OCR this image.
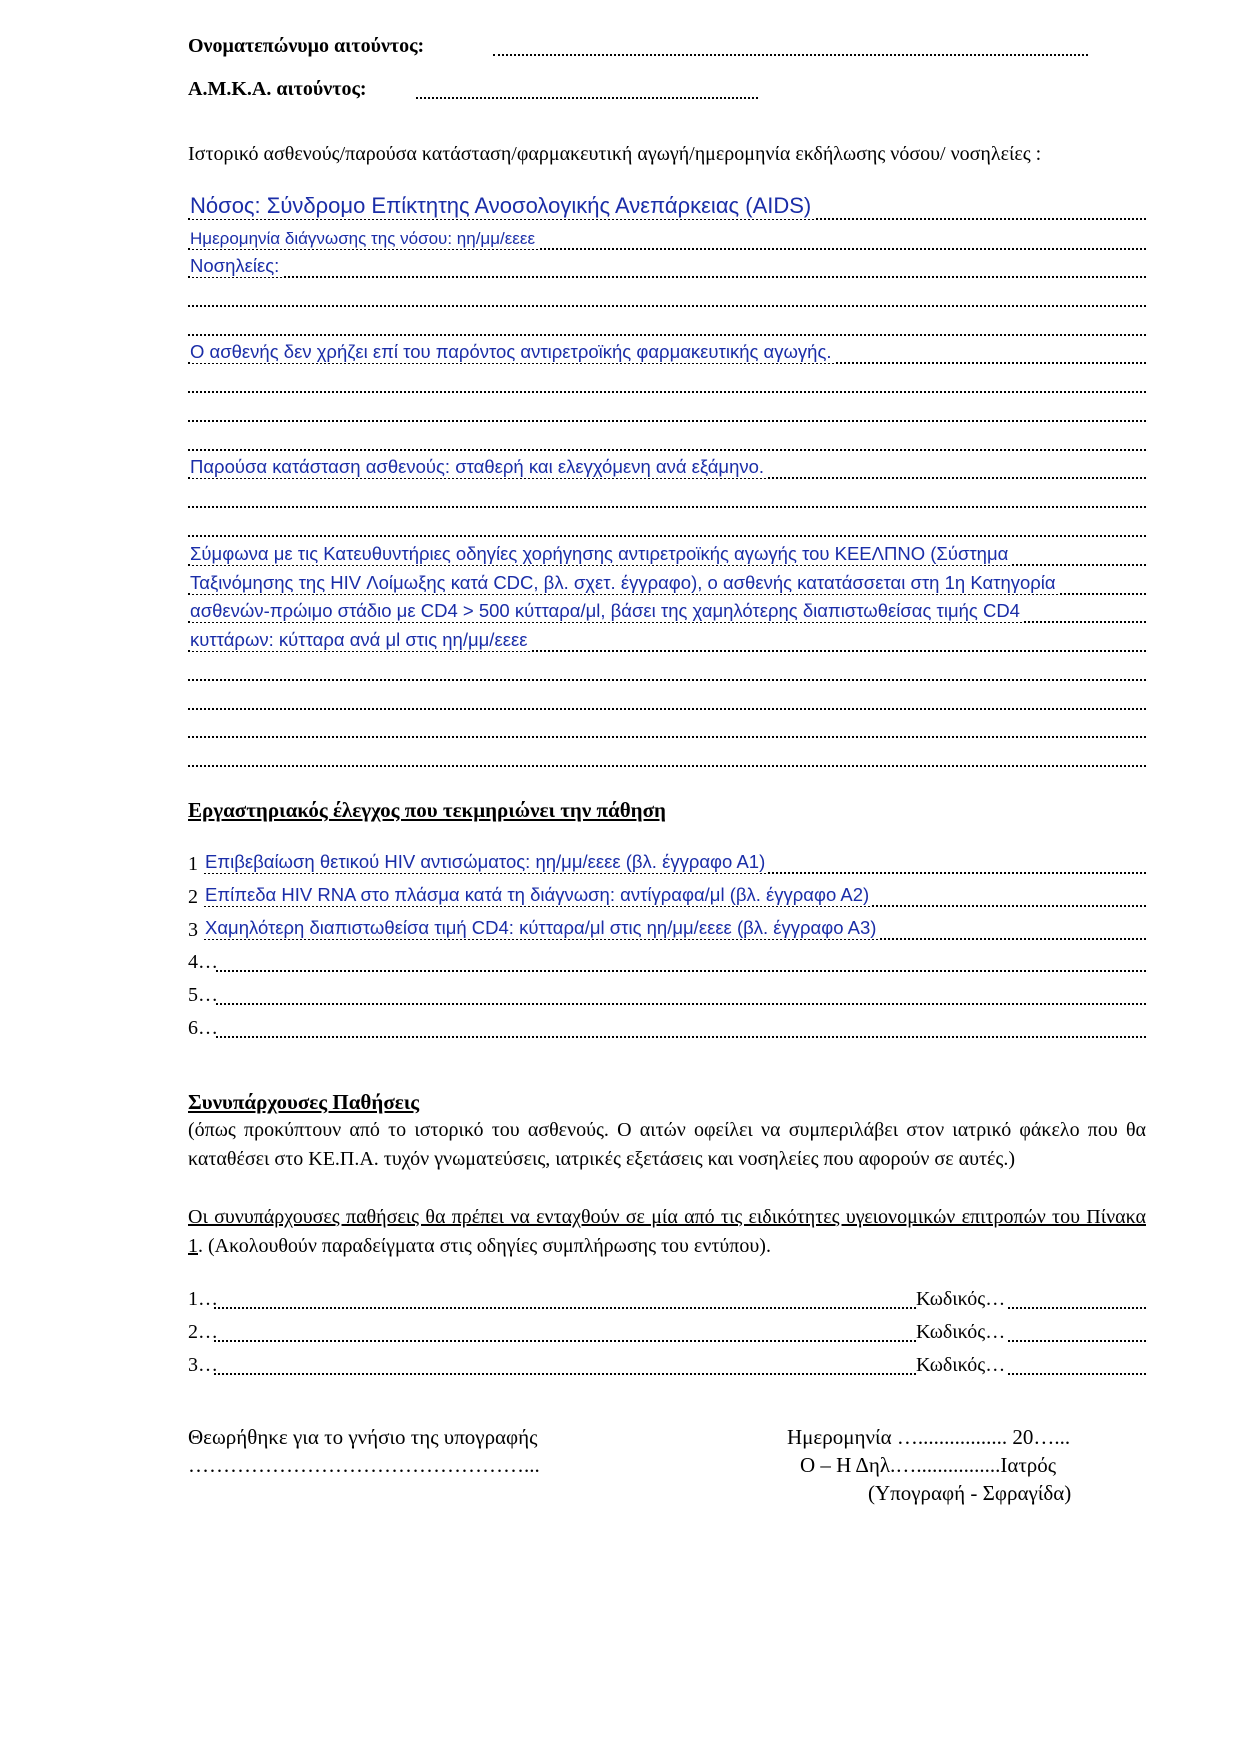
Ονοματεπώνυμο αιτούντος:
Α.Μ.Κ.Α. αιτούντος:
Ιστορικό ασθενούς/παρούσα κατάσταση/φαρμακευτική αγωγή/ημερομηνία εκδήλωσης νόσου/ νοσηλείες :
Νόσος: Σύνδρομο Επίκτητης Ανοσολογικής Ανεπάρκειας (AIDS)
Ημερομηνία διάγνωσης της νόσου: ηη/μμ/εεεε
Νοσηλείες:
Ο ασθενής δεν χρήζει επί του παρόντος αντιρετροϊκής φαρμακευτικής αγωγής.
Παρούσα κατάσταση ασθενούς: σταθερή και ελεγχόμενη ανά εξάμηνο.
Σύμφωνα με τις Κατευθυντήριες οδηγίες χορήγησης αντιρετροϊκής αγωγής του ΚΕΕΛΠΝΟ (Σύστημα
Ταξινόμησης της HIV Λοίμωξης κατά CDC, βλ. σχετ. έγγραφο), ο ασθενής κατατάσσεται στη 1η Κατηγορία
ασθενών-πρώιμο στάδιο με CD4 > 500 κύτταρα/μl, βάσει της χαμηλότερης διαπιστωθείσας τιμής CD4
κυττάρων: κύτταρα ανά μl στις ηη/μμ/εεεε
Εργαστηριακός έλεγχος που τεκμηριώνει την πάθηση
1 Επιβεβαίωση θετικού HIV αντισώματος: ηη/μμ/εεεε (βλ. έγγραφο Α1)
2 Επίπεδα HIV RNA στο πλάσμα κατά τη διάγνωση: αντίγραφα/μl (βλ. έγγραφο Α2)
3 Χαμηλότερη διαπιστωθείσα τιμή CD4: κύτταρα/μl στις ηη/μμ/εεεε (βλ. έγγραφο Α3)
4…
5…
6…
Συνυπάρχουσες Παθήσεις
(όπως προκύπτουν από το ιστορικό του ασθενούς. Ο αιτών οφείλει να συμπεριλάβει στον ιατρικό φάκελο που θα καταθέσει στο ΚΕ.Π.Α. τυχόν γνωματεύσεις, ιατρικές εξετάσεις και νοσηλείες που αφορούν σε αυτές.)
Οι συνυπάρχουσες παθήσεις θα πρέπει να ενταχθούν σε μία από τις ειδικότητες υγειονομικών επιτροπών του Πίνακα 1. (Ακολουθούν παραδείγματα στις οδηγίες συμπλήρωσης του εντύπου).
1…	Κωδικός…
2…	Κωδικός…
3…	Κωδικός…
Θεωρήθηκε για το γνήσιο της υπογραφής
…………………………………………...
Ημερομηνία …................. 20…...
Ο – Η Δηλ.…................Ιατρός
(Υπογραφή - Σφραγίδα)
